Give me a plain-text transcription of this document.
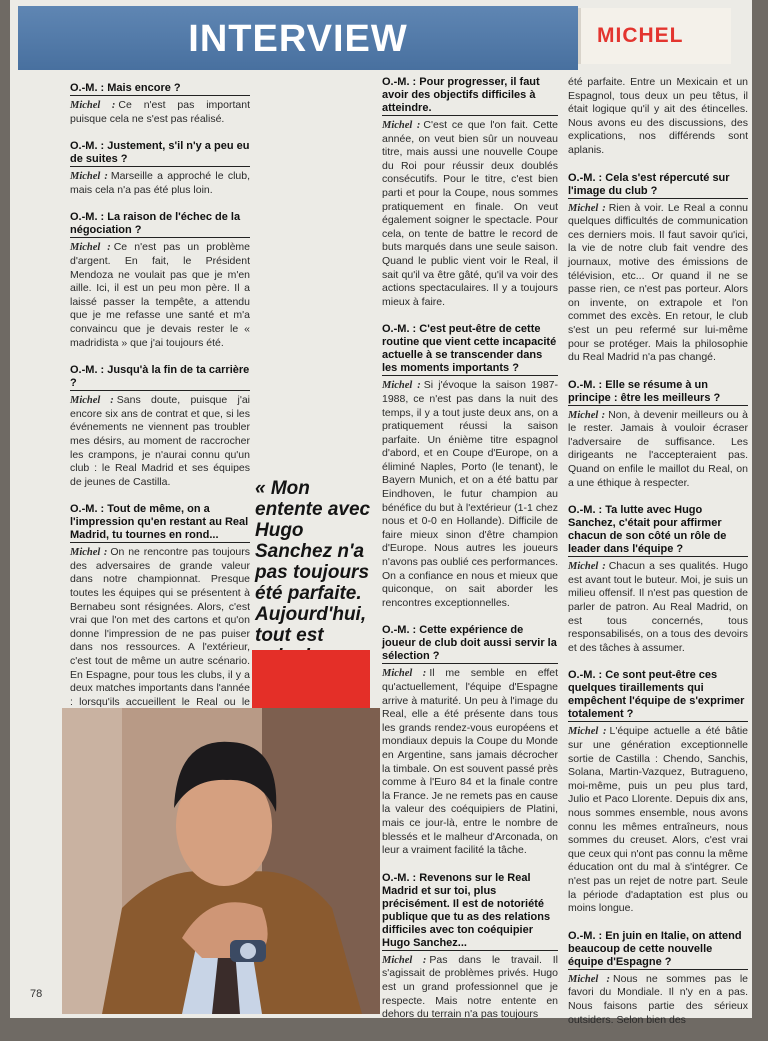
INTERVIEW	MICHEL
O.-M. : Mais encore ?
Michel : Ce n'est pas important puisque cela ne s'est pas réalisé.
O.-M. : Justement, s'il n'y a peu eu de suites ?
Michel : Marseille a approché le club, mais cela n'a pas été plus loin.
O.-M. : La raison de l'échec de la négociation ?
Michel : Ce n'est pas un problème d'argent. En fait, le Président Mendoza ne voulait pas que je m'en aille. Ici, il est un peu mon père. Il a laissé passer la tempête, a attendu que je me refasse une santé et m'a convaincu que je devais rester le « madridista » que j'ai toujours été.
O.-M. : Jusqu'à la fin de ta carrière ?
Michel : Sans doute, puisque j'ai encore six ans de contrat et que, si les événements ne viennent pas troubler mes désirs, au moment de raccrocher les crampons, je n'aurai connu qu'un club : le Real Madrid et ses équipes de jeunes de Castilla.
O.-M. : Tout de même, on a l'impression qu'en restant au Real Madrid, tu tournes en rond...
Michel : On ne rencontre pas toujours des adversaires de grande valeur dans notre championnat. Presque toutes les équipes qui se présentent à Bernabeu sont résignées. Alors, c'est vrai que l'on met des cartons et qu'on donne l'impression de ne pas puiser dans nos ressources. A l'extérieur, c'est tout de même un autre scénario. En Espagne, pour tous les clubs, il y a deux matches importants dans l'année : lorsqu'ils accueillent le Real ou le
« Mon entente avec Hugo Sanchez n'a pas toujours été parfaite. Aujourd'hui, tout est
O.-M. : Pour progresser, il faut avoir des objectifs difficiles à atteindre.
Michel : C'est ce que l'on fait. Cette année, on veut bien sûr un nouveau titre, mais aussi une nouvelle Coupe du Roi pour réussir deux doublés consécutifs. Pour le titre, c'est bien parti et pour la Coupe, nous sommes pratiquement en finale. On veut également soigner le spectacle. Pour cela, on tente de battre le record de buts marqués dans une seule saison. Quand le public vient voir le Real, il sait qu'il va être gâté, qu'il va voir des actions spectaculaires. Il y a toujours mieux à faire.
O.-M. : C'est peut-être de cette routine que vient cette incapacité actuelle à se transcender dans les moments importants ?
Michel : Si j'évoque la saison 1987-1988, ce n'est pas dans la nuit des temps, il y a tout juste deux ans, on a pratiquement réussi la saison parfaite. Un énième titre espagnol d'abord, et en Coupe d'Europe, on a éliminé Naples, Porto (le tenant), le Bayern Munich, et on a été battu par Eindhoven, le futur champion au bénéfice du but à l'extérieur (1-1 chez nous et 0-0 en Hollande). Difficile de faire mieux sinon d'être champion d'Europe. Nous autres les joueurs n'avons pas oublié ces performances. On a confiance en nous et mieux que quiconque, on sait aborder les rencontres exceptionnelles.
O.-M. : Cette expérience de joueur de club doit aussi servir la sélection ?
Michel : Il me semble en effet qu'actuellement, l'équipe d'Espagne arrive à maturité. Un peu à l'image du Real, elle a été présente dans tous les grands rendez-vous européens et mondiaux depuis la Coupe du Monde en Argentine, sans jamais décrocher la timbale. On est souvent passé près comme à l'Euro 84 et la finale contre la France. Je ne remets pas en cause la valeur des coéquipiers de Platini, mais ce jour-là, entre le nombre de blessés et le malheur d'Arconada, on leur a vraiment facilité la tâche.
O.-M. : Revenons sur le Real Madrid et sur toi, plus précisément. Il est de notoriété publique que tu as des relations difficiles avec ton coéquipier Hugo Sanchez...
Michel : Pas dans le travail. Il s'agissait de problèmes privés. Hugo est un grand professionnel que je respecte. Mais notre entente en dehors du terrain n'a pas toujours
été parfaite. Entre un Mexicain et un Espagnol, tous deux un peu têtus, il était logique qu'il y ait des étincelles. Nous avons eu des discussions, des explications, nos différends sont aplanis.
O.-M. : Cela s'est répercuté sur l'image du club ?
Michel : Rien à voir. Le Real a connu quelques difficultés de communication ces derniers mois. Il faut savoir qu'ici, la vie de notre club fait vendre des journaux, motive des émissions de télévision, etc... Or quand il ne se passe rien, ce n'est pas porteur. Alors on invente, on extrapole et l'on commet des excès. En retour, le club s'est un peu refermé sur lui-même pour se protéger. Mais la philosophie du Real Madrid n'a pas changé.
O.-M. : Elle se résume à un principe : être les meilleurs ?
Michel : Non, à devenir meilleurs ou à le rester. Jamais à vouloir écraser l'adversaire de suffisance. Les dirigeants ne l'accepteraient pas. Quand on enfile le maillot du Real, on a une éthique à respecter.
O.-M. : Ta lutte avec Hugo Sanchez, c'était pour affirmer chacun de son côté un rôle de leader dans l'équipe ?
Michel : Chacun a ses qualités. Hugo est avant tout le buteur. Moi, je suis un milieu offensif. Il n'est pas question de parler de patron. Au Real Madrid, on est tous concernés, tous responsabilisés, on a tous des devoirs et des tâches à assumer.
O.-M. : Ce sont peut-être ces quelques tiraillements qui empêchent l'équipe de s'exprimer totalement ?
Michel : L'équipe actuelle a été bâtie sur une génération exceptionnelle sortie de Castilla : Chendo, Sanchis, Solana, Martin-Vazquez, Butragueno, moi-même, puis un peu plus tard, Julio et Paco Llorente. Depuis dix ans, nous sommes ensemble, nous avons connu les mêmes entraîneurs, nous sommes du creuset. Alors, c'est vrai que ceux qui n'ont pas connu la même éducation ont du mal à s'intégrer. Ce n'est pas un rejet de notre part. Seule la période d'adaptation est plus ou moins longue.
O.-M. : En juin en Italie, on attend beaucoup de cette nouvelle équipe d'Espagne ?
Michel : Nous ne sommes pas le favori du Mondiale. Il n'y en a pas. Nous faisons partie des sérieux outsiders. Selon bien des
78
